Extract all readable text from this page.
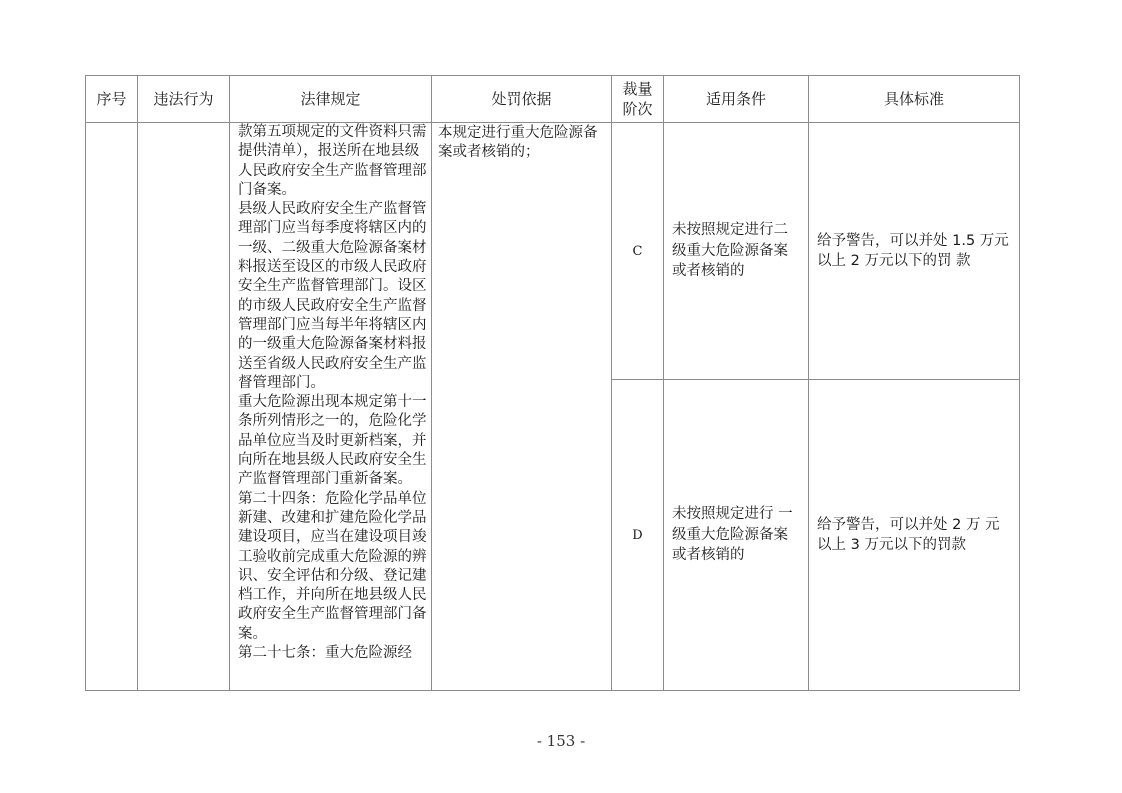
序号	违法行为	法律规定	处罚依据	裁量
阶次	适用条件	具体标准

		款第五项规定的文件资料只需提供清单），报送所在地县级人民政府安全生产监督管理部门备案。

县级人民政府安全生产监督管理部门应当每季度将辖区内的一级、二级重大危险源备案材料报送至设区的市级人民政府安全生产监督管理部门。设区的市级人民政府安全生产监督管理部门应当每半年将辖区内的一级重大危险源备案材料报送至省级人民政府安全生产监督管理部门。

重大危险源出现本规定第十一条所列情形之一的，危险化学品单位应当及时更新档案，并向所在地县级人民政府安全生产监督管理部门重新备案。

第二十四条：危险化学品单位新建、改建和扩建危险化学品建设项目，应当在建设项目竣工验收前完成重大危险源的辨识、安全评估和分级、登记建档工作，并向所在地县级人民政府安全生产监督管理部门备案。

第二十七条：重大危险源经	本规定进行重大危险源备案或者核销的；	C	未按照规定进行二级重大危险源备案或者核销的	给予警告，可以并处 1.5 万元以上 2 万元以下的罚 款

				D	未按照规定进行 一级重大危险源备案或者核销的	给予警告，可以并处 2 万 元以上 3 万元以下的罚款

- 153 -
